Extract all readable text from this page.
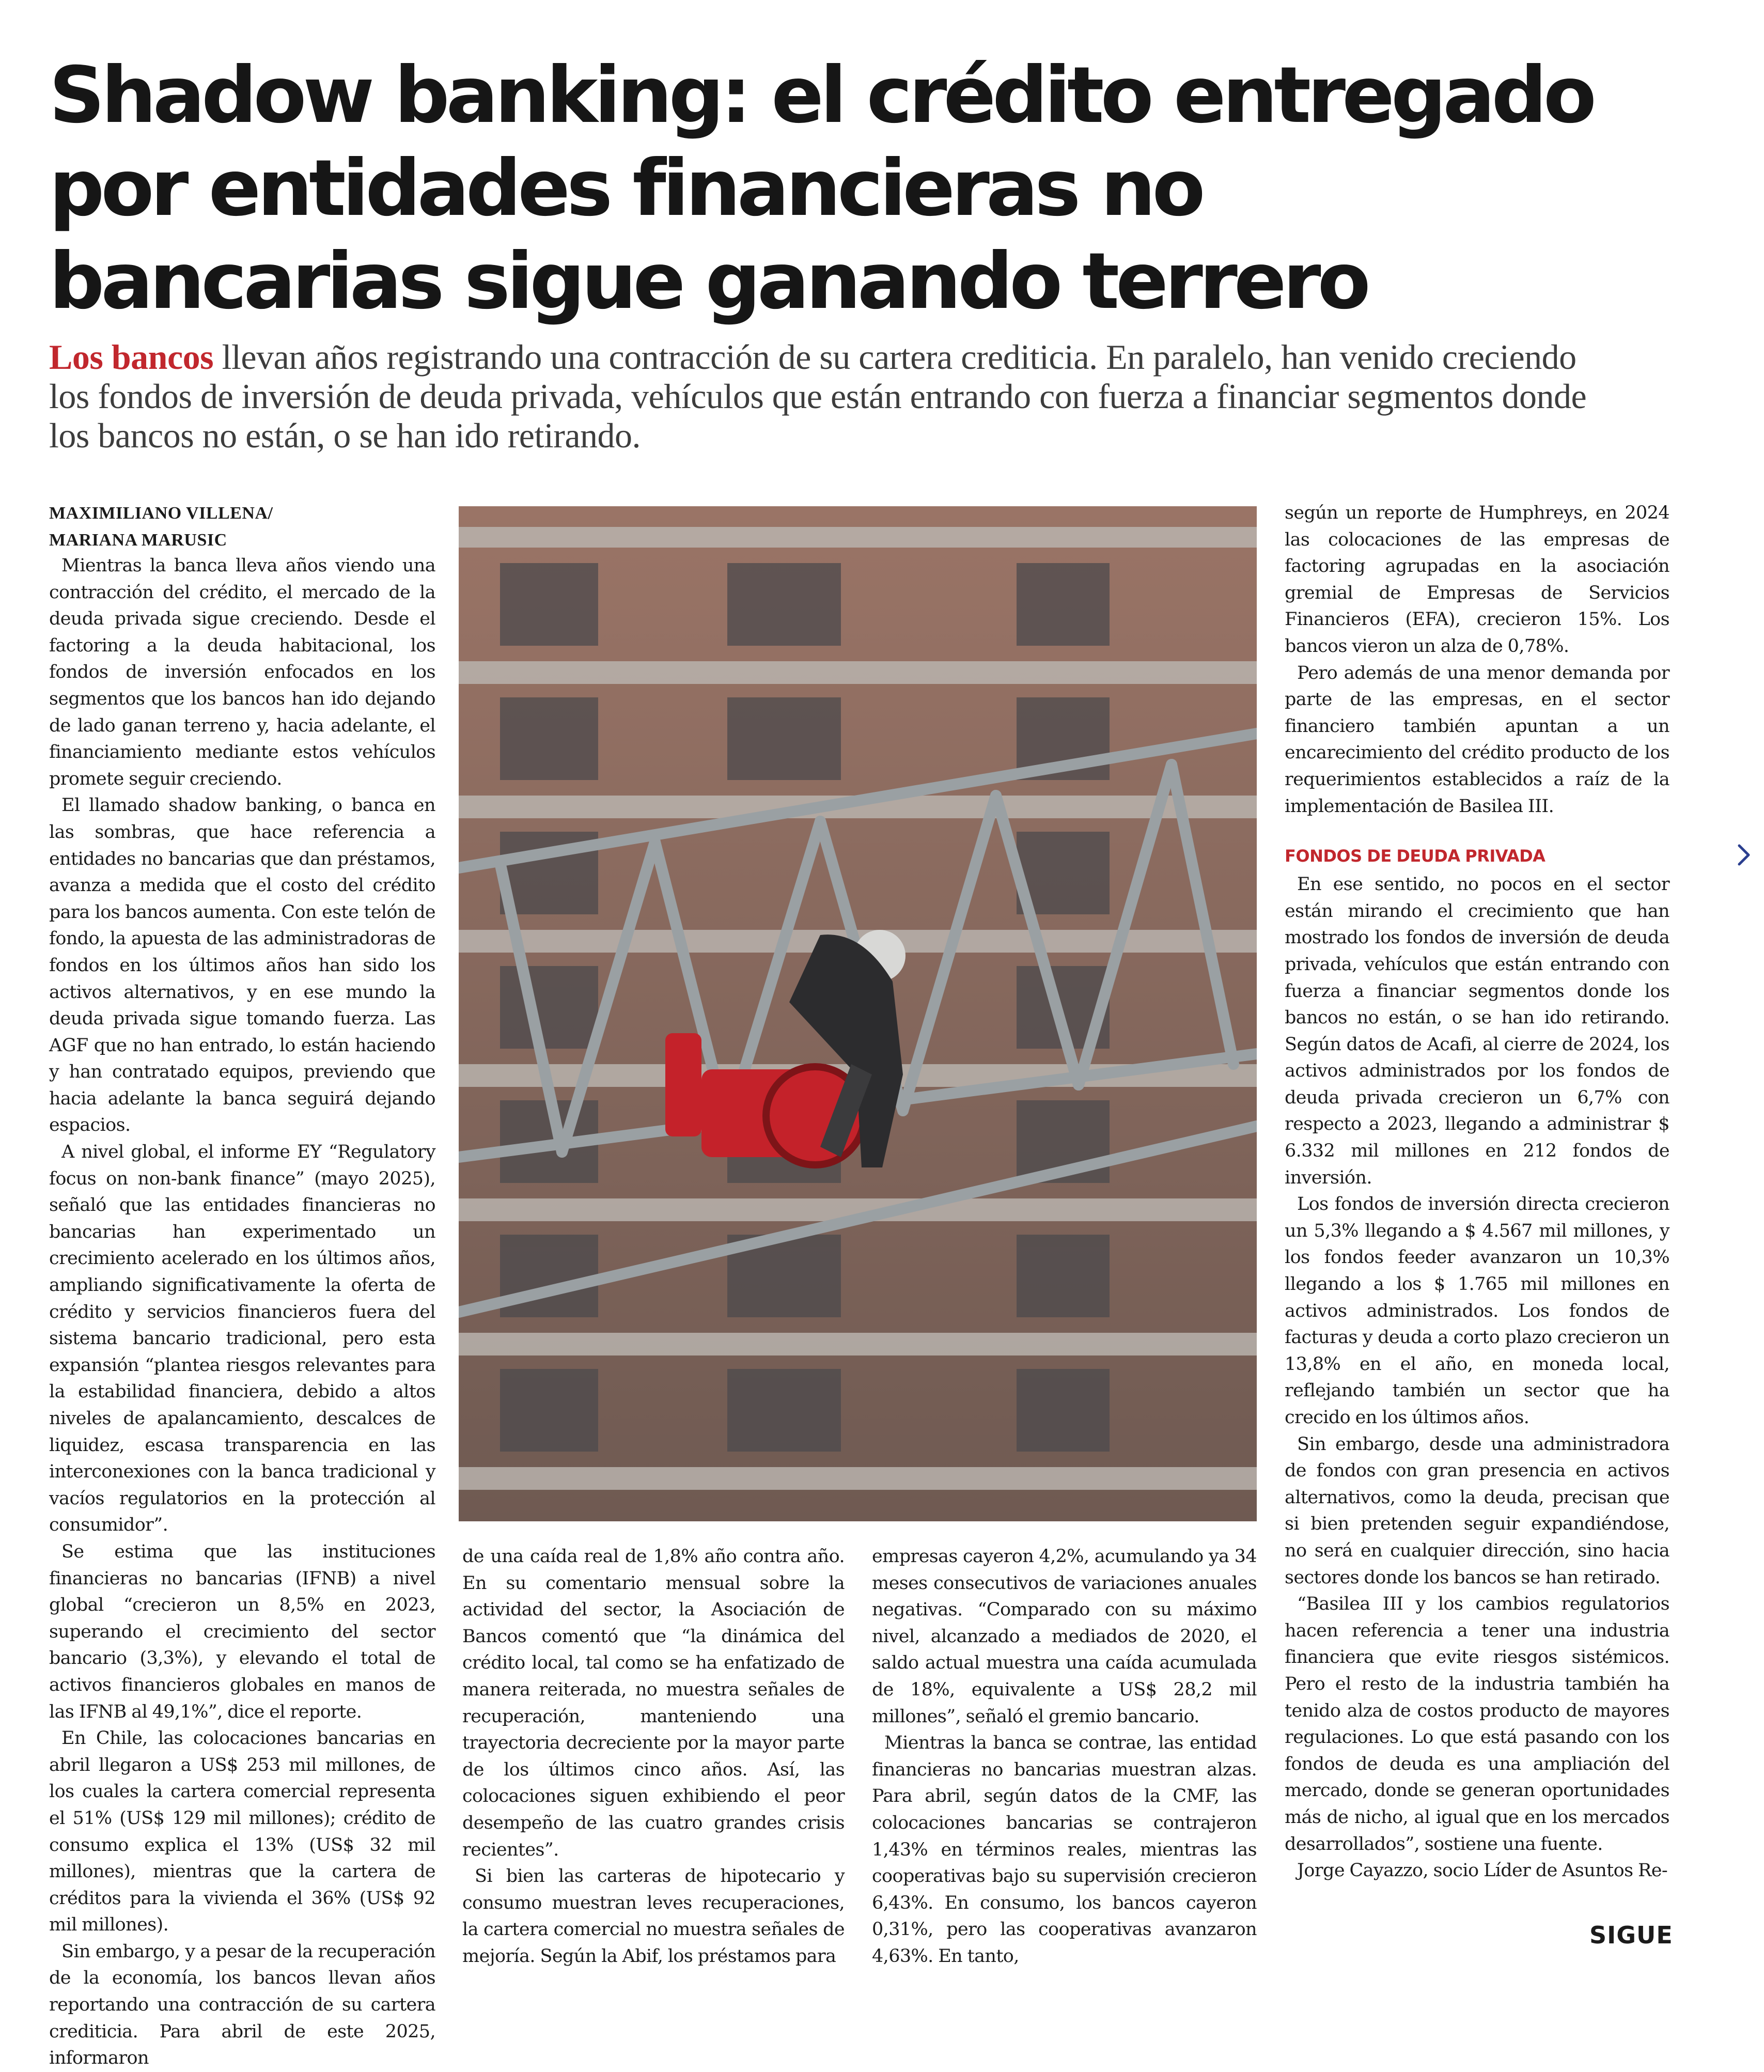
Shadow banking: el crédito entregado por entidades financieras no bancarias sigue ganando terrero

Los bancos llevan años registrando una contracción de su cartera crediticia. En paralelo, han venido creciendo los fondos de inversión de deuda privada, vehículos que están entrando con fuerza a financiar segmentos donde los bancos no están, o se han ido retirando.

MAXIMILIANO VILLENA/
MARIANA MARUSIC

Mientras la banca lleva años viendo una contracción del crédito, el mercado de la deuda privada sigue creciendo. Desde el factoring a la deuda habitacional, los fondos de inversión enfocados en los segmentos que los bancos han ido dejando de lado ganan terreno y, hacia adelante, el financiamiento mediante estos vehículos promete seguir creciendo.

El llamado shadow banking, o banca en las sombras, que hace referencia a entidades no bancarias que dan préstamos, avanza a medida que el costo del crédito para los bancos aumenta. Con este telón de fondo, la apuesta de las administradoras de fondos en los últimos años han sido los activos alternativos, y en ese mundo la deuda privada sigue tomando fuerza. Las AGF que no han entrado, lo están haciendo y han contratado equipos, previendo que hacia adelante la banca seguirá dejando espacios.

A nivel global, el informe EY “Regulatory focus on non-bank finance” (mayo 2025), señaló que las entidades financieras no bancarias han experimentado un crecimiento acelerado en los últimos años, ampliando significativamente la oferta de crédito y servicios financieros fuera del sistema bancario tradicional, pero esta expansión “plantea riesgos relevantes para la estabilidad financiera, debido a altos niveles de apalancamiento, descalces de liquidez, escasa transparencia en las interconexiones con la banca tradicional y vacíos regulatorios en la protección al consumidor”.

Se estima que las instituciones financieras no bancarias (IFNB) a nivel global “crecieron un 8,5% en 2023, superando el crecimiento del sector bancario (3,3%), y elevando el total de activos financieros globales en manos de las IFNB al 49,1%”, dice el reporte.

En Chile, las colocaciones bancarias en abril llegaron a US$ 253 mil millones, de los cuales la cartera comercial representa el 51% (US$ 129 mil millones); crédito de consumo explica el 13% (US$ 32 mil millones), mientras que la cartera de créditos para la vivienda el 36% (US$ 92 mil millones).

Sin embargo, y a pesar de la recuperación de la economía, los bancos llevan años reportando una contracción de su cartera crediticia. Para abril de este 2025, informaron

de una caída real de 1,8% año contra año. En su comentario mensual sobre la actividad del sector, la Asociación de Bancos comentó que “la dinámica del crédito local, tal como se ha enfatizado de manera reiterada, no muestra señales de recuperación, manteniendo una trayectoria decreciente por la mayor parte de los últimos cinco años. Así, las colocaciones siguen exhibiendo el peor desempeño de las cuatro grandes crisis recientes”.

Si bien las carteras de hipotecario y consumo muestran leves recuperaciones, la cartera comercial no muestra señales de mejoría. Según la Abif, los préstamos para

empresas cayeron 4,2%, acumulando ya 34 meses consecutivos de variaciones anuales negativas. “Comparado con su máximo nivel, alcanzado a mediados de 2020, el saldo actual muestra una caída acumulada de 18%, equivalente a US$ 28,2 mil millones”, señaló el gremio bancario.

Mientras la banca se contrae, las entidad financieras no bancarias muestran alzas. Para abril, según datos de la CMF, las colocaciones bancarias se contrajeron 1,43% en términos reales, mientras las cooperativas bajo su supervisión crecieron 6,43%. En consumo, los bancos cayeron 0,31%, pero las cooperativas avanzaron 4,63%. En tanto,

según un reporte de Humphreys, en 2024 las colocaciones de las empresas de factoring agrupadas en la asociación gremial de Empresas de Servicios Financieros (EFA), crecieron 15%. Los bancos vieron un alza de 0,78%.

Pero además de una menor demanda por parte de las empresas, en el sector financiero también apuntan a un encarecimiento del crédito producto de los requerimientos establecidos a raíz de la implementación de Basilea III.

FONDOS DE DEUDA PRIVADA

En ese sentido, no pocos en el sector están mirando el crecimiento que han mostrado los fondos de inversión de deuda privada, vehículos que están entrando con fuerza a financiar segmentos donde los bancos no están, o se han ido retirando. Según datos de Acafi, al cierre de 2024, los activos administrados por los fondos de deuda privada crecieron un 6,7% con respecto a 2023, llegando a administrar $ 6.332 mil millones en 212 fondos de inversión.

Los fondos de inversión directa crecieron un 5,3% llegando a $ 4.567 mil millones, y los fondos feeder avanzaron un 10,3% llegando a los $ 1.765 mil millones en activos administrados. Los fondos de facturas y deuda a corto plazo crecieron un 13,8% en el año, en moneda local, reflejando también un sector que ha crecido en los últimos años.

Sin embargo, desde una administradora de fondos con gran presencia en activos alternativos, como la deuda, precisan que si bien pretenden seguir expandiéndose, no será en cualquier dirección, sino hacia sectores donde los bancos se han retirado.

“Basilea III y los cambios regulatorios hacen referencia a tener una industria financiera que evite riesgos sistémicos. Pero el resto de la industria también ha tenido alza de costos producto de mayores regulaciones. Lo que está pasando con los fondos de deuda es una ampliación del mercado, donde se generan oportunidades más de nicho, al igual que en los mercados desarrollados”, sostiene una fuente.

Jorge Cayazzo, socio Líder de Asuntos Re-

SIGUE
